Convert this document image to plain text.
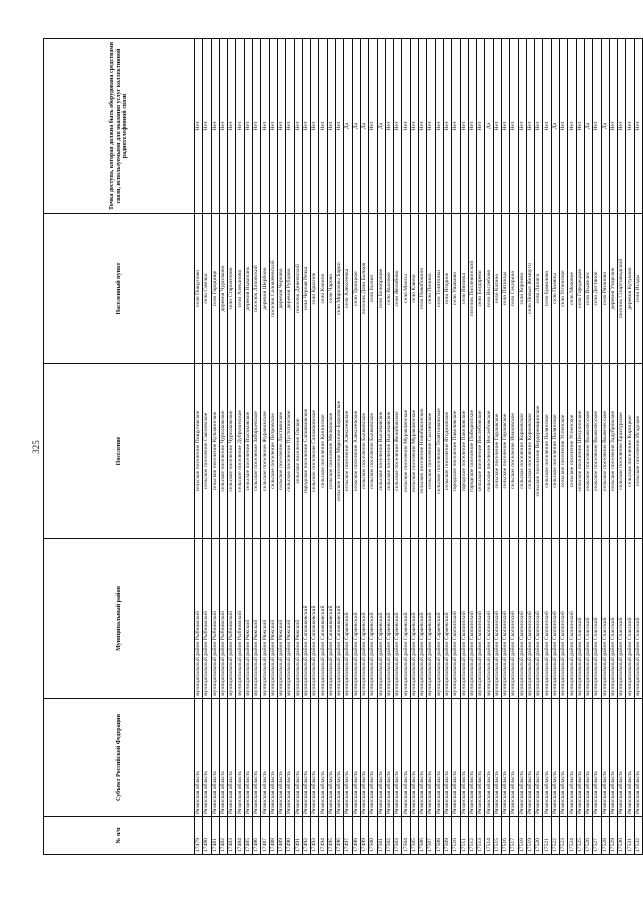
325
№ п/п	Субъект Российской Федерации	Муниципальный район	Поселение	Населенный пункт	Точка доступа, которая должна быть оборудована средствами связи, используемыми для оказания услуг коллективной радиотелефонной связи
17479	Рязанская область	муниципальный район Рыбновский	сельское поселение Пощуповское	село Пощупово	Нет
17480	Рязанская область	муниципальный район Рыбновский	сельское поселение Смеловское	село Смелки	Нет
17481	Рязанская область	муниципальный район Рыбновский	сельское поселение Кузьминское	село Городище	Нет
17482	Рязанская область	муниципальный район Рыбновский	сельское поселение Чурилковское	деревня Чурилково	Нет
17483	Рязанская область	муниципальный район Рыбновский	сельское поселение Чурилковское	село Старолетово	Нет
17484	Рязанская область	муниципальный район Рыбновский	сельское поселение Дубровичское	село Алеканово	Нет
17485	Рязанская область	муниципальный район Ряжский	сельское поселение Высоковское	деревня Выкопань	Нет
17486	Рязанская область	муниципальный район Ряжский	сельское поселение Заборьевское	поселок Лиховский	Нет
17487	Рязанская область	муниципальный район Ряжский	сельское поселение Журавинское	деревня Шербово	Нет
17488	Рязанская область	муниципальный район Ряжский	сельское поселение Петровское	поселок Соловачевский	Нет
17489	Рязанская область	муниципальный район Ряжский	сельское поселение Листвянское	деревня Чернаво	Нет
17490	Рязанская область	муниципальный район Ряжский	сельское поселение Пустотинское	деревня Рубцово	Нет
17491	Рязанская область	муниципальный район Ряжский	сельское поселение Окское	поселок Дивеевский	Нет
17492	Рязанская область	муниципальный район Сапожковский	городское поселение Сапожковское	село Черная Речка	Нет
17493	Рязанская область	муниципальный район Сапожковский	сельское поселение Сапожковское	село Красное	Нет
17494	Рязанская область	муниципальный район Сапожковский	сельское поселение Канинское	село Канино	Нет
17495	Рязанская область	муниципальный район Сапожковский	сельское поселение Мелковское	село Чарово	Нет
17496	Рязанская область	муниципальный район Сапожковский	сельское поселение Морозово-Борковское	село Морозовы Борки	Нет
17497	Рязанская область	муниципальный район Сараевский	сельское поселение Алексеевское	село Алексеевка	Да
17498	Рязанская область	муниципальный район Сараевский	сельское поселение Алексеевское	село Троицкое	Да
17499	Рязанская область	муниципальный район Сараевский	сельское поселение Бычковское	поселок Дачи Бычков	Да
17500	Рязанская область	муниципальный район Сараевский	сельское поселение Бычковское	село Бычки	Нет
17501	Рязанская область	муниципальный район Сараевский	сельское поселение Высоковское	село Белоорлове	Да
17502	Рязанская область	муниципальный район Сараевский	сельское поселение Высоковское	село Высокое	Нет
17503	Рязанская область	муниципальный район Сараевский	сельское поселение Желобовское	село Желобово	Нет
17504	Рязанская область	муниципальный район Сараевский	сельское поселение Муравлянское	село Мансы	Нет
17505	Рязанская область	муниципальный район Сараевский	сельское поселение Муравлянское	село Ключи	Нет
17506	Рязанская область	муниципальный район Сараевский	сельское поселение Новобокинское	село Новобокино	Нет
17507	Рязанская область	муниципальный район Сараевский	сельское поселение Сысоевское	село Пичики	Нет
17508	Рязанская область	муниципальный район Сараевский	сельское поселение Телятниковское	село Телятники	Нет
17509	Рязанская область	муниципальный район Сараевский	сельское поселение Ягодновское	село Ягодное	Нет
17510	Рязанская область	муниципальный район Скопинский	городское поселение Павеловское	село Ушаково	Нет
17511	Рязанская область	муниципальный район Скопинский	городское поселение Павеловское	село Вязовка	Нет
17512	Рязанская область	муниципальный район Скопинский	городское поселение Побединское	поселок Поплевинский	Нет
17513	Рязанская область	муниципальный район Скопинский	сельское поселение Вослебовское	село Богдарево	Нет
17514	Рязанская область	муниципальный район Скопинский	сельское поселение Вослебовское	село Вослебово	Да
17515	Рязанская область	муниципальный район Скопинский	сельское поселение Горловское	село Катино	Нет
17516	Рязанская область	муниципальный район Скопинский	сельское поселение Горловское	село Пятницы	Нет
17517	Рязанская область	муниципальный район Скопинский	сельское поселение Ивановское	село Секирино	Нет
17518	Рязанская область	муниципальный район Скопинский	сельское поселение Корневское	село Корнево	Нет
17519	Рязанская область	муниципальный район Скопинский	сельское поселение Корневское	село Новые Жемчуги	Нет
17520	Рязанская область	муниципальный район Скопинский	сельское поселение Вердеревщинское	село Липяги	Нет
17521	Рязанская область	муниципальный район Скопинский	сельское поселение Полянское	село Ермолово	Нет
17522	Рязанская область	муниципальный район Скопинский	сельское поселение Полянское	село Поляны	Да
17523	Рязанская область	муниципальный район Скопинский	сельское поселение Успенское	село Успенское	Нет
17524	Рязанская область	муниципальный район Скопинский	сельское поселение Успенское	село Моховое	Нет
17525	Рязанская область	муниципальный район Спасский	сельское поселение Шелухинское	село Городецкое	Нет
17526	Рязанская область	муниципальный район Спасский	сельское поселение Выжелесское	село Выжелес	Да
17527	Рязанская область	муниципальный район Спасский	сельское поселение Выжелесское	село Дегтяное	Нет
17528	Рязанская область	муниципальный район Спасский	сельское поселение Выжелесское	село Рязаново	Да
17529	Рязанская область	муниципальный район Спасский	сельское поселение Задубровское	деревня Ухорское	Нет
17530	Рязанская область	муниципальный район Спасский	сельское поселение Ерахтурское	поселок Спиртзаводский	Нет
17531	Рязанская область	муниципальный район Спасский	сельское поселение Кирицкое	деревня Кутуково	Нет
17532	Рязанская область	муниципальный район Спасский	сельское поселение Исадское	село Исады	Нет
